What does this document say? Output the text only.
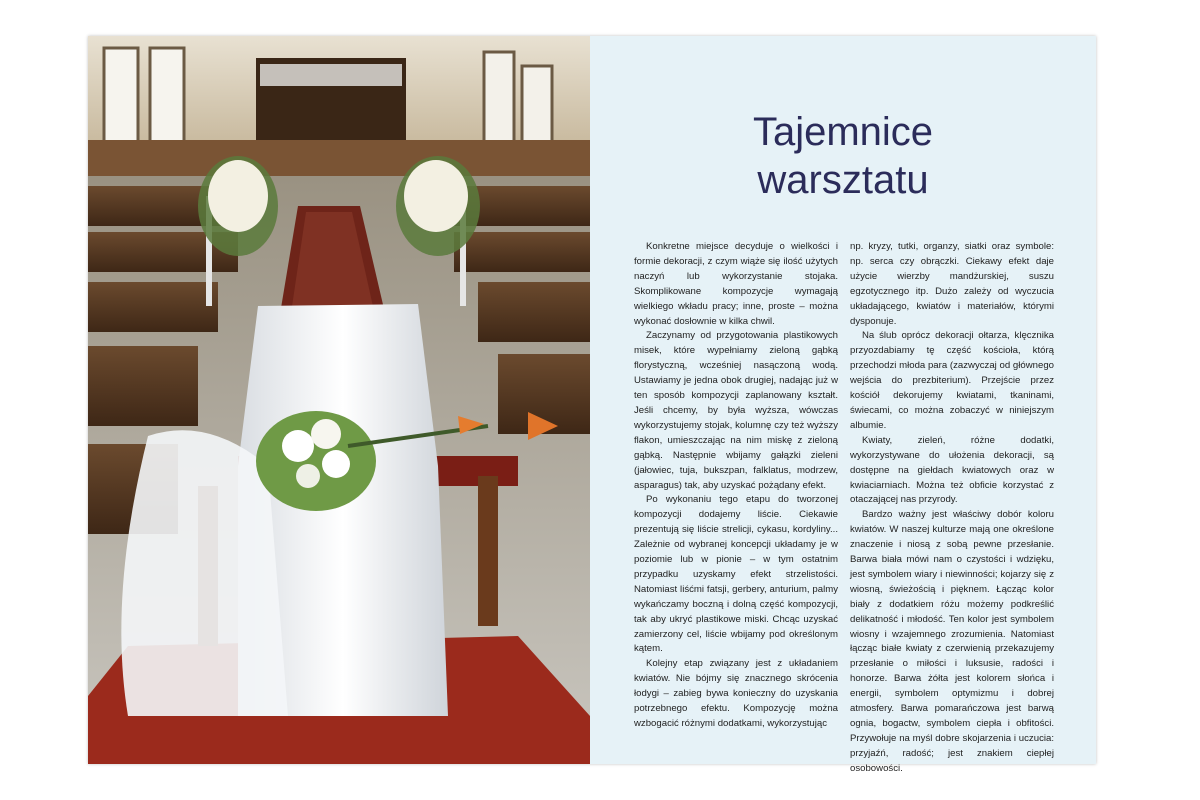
Tajemnice
warsztatu

Konkretne miejsce decyduje o wielkości i formie dekoracji, z czym wiąże się ilość użytych naczyń lub wykorzystanie stojaka. Skomplikowane kompozycje wymagają wielkiego wkładu pracy; inne, proste – można wykonać dosłownie w kilka chwil.

Zaczynamy od przygotowania plastikowych misek, które wypełniamy zieloną gąbką florystyczną, wcześniej nasączoną wodą. Ustawiamy je jedna obok drugiej, nadając już w ten sposób kompozycji zaplanowany kształt. Jeśli chcemy, by była wyższa, wówczas wykorzystujemy stojak, kolumnę czy też wyższy flakon, umieszczając na nim miskę z zieloną gąbką. Następnie wbijamy gałązki zieleni (jałowiec, tuja, bukszpan, falklatus, modrzew, asparagus) tak, aby uzyskać pożądany efekt.

Po wykonaniu tego etapu do tworzonej kompozycji dodajemy liście. Ciekawie prezentują się liście strelicji, cykasu, kordyliny... Zależnie od wybranej koncepcji układamy je w poziomie lub w pionie – w tym ostatnim przypadku uzyskamy efekt strzelistości. Natomiast liśćmi fatsji, gerbery, anturium, palmy wykańczamy boczną i dolną część kompozycji, tak aby ukryć plastikowe miski. Chcąc uzyskać zamierzony cel, liście wbijamy pod określonym kątem.

Kolejny etap związany jest z układaniem kwiatów. Nie bójmy się znacznego skrócenia łodygi – zabieg bywa konieczny do uzyskania potrzebnego efektu. Kompozycję można wzbogacić różnymi dodatkami, wykorzystując

np. kryzy, tutki, organzy, siatki oraz symbole: np. serca czy obrączki. Ciekawy efekt daje użycie wierzby mandżurskiej, suszu egzotycznego itp. Dużo zależy od wyczucia układającego, kwiatów i materiałów, którymi dysponuje.

Na ślub oprócz dekoracji ołtarza, klęcznika przyozdabiamy tę część kościoła, którą przechodzi młoda para (zazwyczaj od głównego wejścia do prezbiterium). Przejście przez kościół dekorujemy kwiatami, tkaninami, świecami, co można zobaczyć w niniejszym albumie.

Kwiaty, zieleń, różne dodatki, wykorzystywane do ułożenia dekoracji, są dostępne na giełdach kwiatowych oraz w kwiaciarniach. Można też obficie korzystać z otaczającej nas przyrody.

Bardzo ważny jest właściwy dobór koloru kwiatów. W naszej kulturze mają one określone znaczenie i niosą z sobą pewne przesłanie. Barwa biała mówi nam o czystości i wdzięku, jest symbolem wiary i niewinności; kojarzy się z wiosną, świeżością i pięknem. Łącząc kolor biały z dodatkiem różu możemy podkreślić delikatność i młodość. Ten kolor jest symbolem wiosny i wzajemnego zrozumienia. Natomiast łącząc białe kwiaty z czerwienią przekazujemy przesłanie o miłości i luksusie, radości i honorze. Barwa żółta jest kolorem słońca i energii, symbolem optymizmu i dobrej atmosfery. Barwa pomarańczowa jest barwą ognia, bogactw, symbolem ciepła i obfitości. Przywołuje na myśl dobre skojarzenia i uczucia: przyjaźń, radość; jest znakiem ciepłej osobowości.
